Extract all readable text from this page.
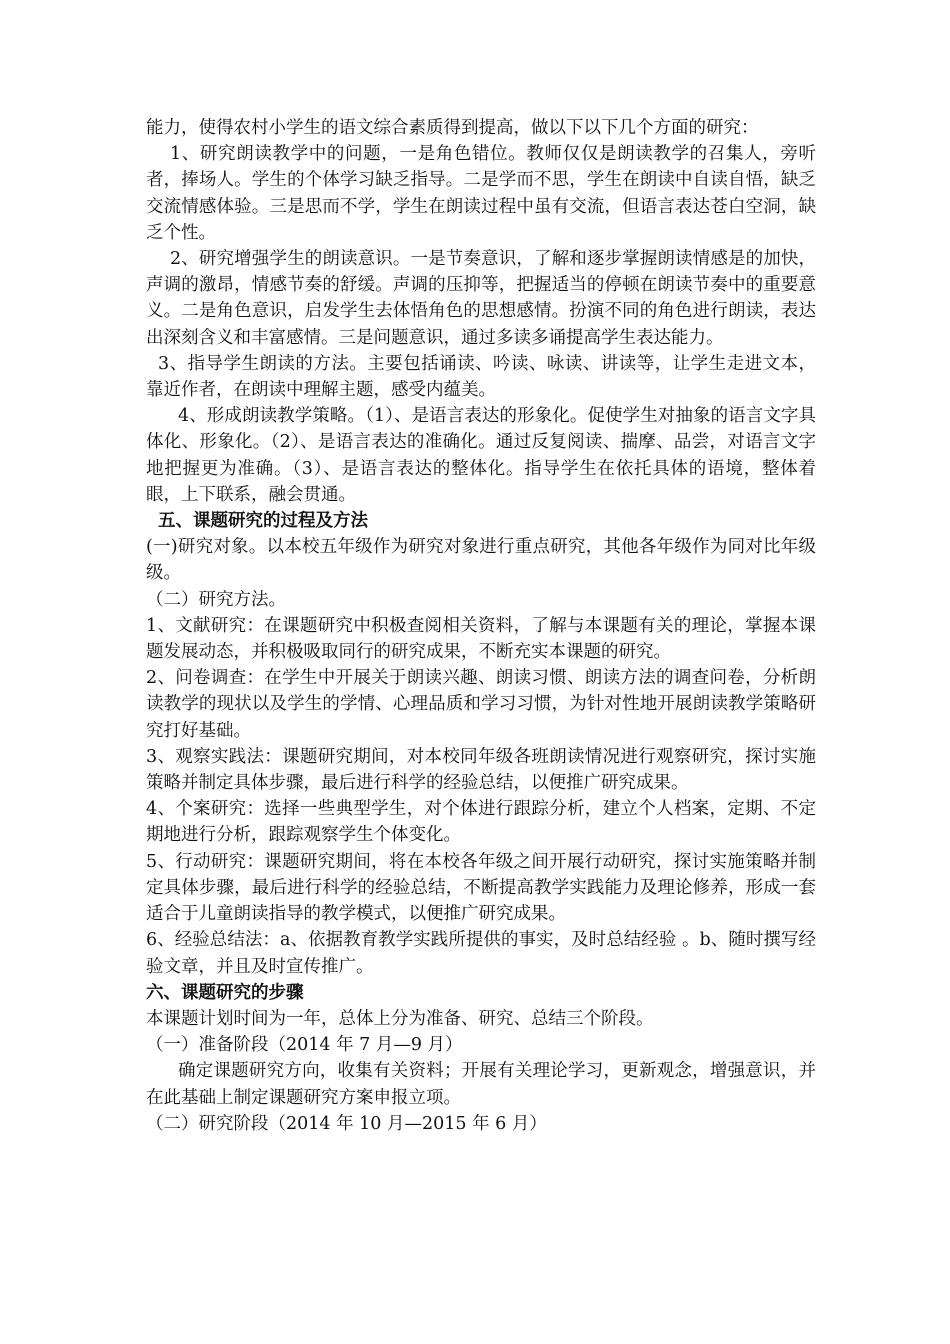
能力，使得农村小学生的语文综合素质得到提高，做以下以下几个方面的研究：

1、研究朗读教学中的问题，一是角色错位。教师仅仅是朗读教学的召集人，旁听者，捧场人。学生的个体学习缺乏指导。二是学而不思，学生在朗读中自读自悟，缺乏交流情感体验。三是思而不学，学生在朗读过程中虽有交流，但语言表达苍白空洞，缺乏个性。

2、研究增强学生的朗读意识。一是节奏意识，了解和逐步掌握朗读情感是的加快，声调的激昂，情感节奏的舒缓。声调的压抑等，把握适当的停顿在朗读节奏中的重要意义。二是角色意识，启发学生去体悟角色的思想感情。扮演不同的角色进行朗读，表达出深刻含义和丰富感情。三是问题意识，通过多读多诵提高学生表达能力。

3、指导学生朗读的方法。主要包括诵读、吟读、咏读、讲读等，让学生走进文本，靠近作者，在朗读中理解主题，感受内蕴美。

4、形成朗读教学策略。（1）、是语言表达的形象化。促使学生对抽象的语言文字具体化、形象化。（2）、是语言表达的准确化。通过反复阅读、揣摩、品尝，对语言文字地把握更为准确。（3）、是语言表达的整体化。指导学生在依托具体的语境，整体着眼，上下联系，融会贯通。

五、课题研究的过程及方法

(一)研究对象。以本校五年级作为研究对象进行重点研究，其他各年级作为同对比年级级。

（二）研究方法。

1、文献研究：在课题研究中积极查阅相关资料，了解与本课题有关的理论，掌握本课题发展动态，并积极吸取同行的研究成果，不断充实本课题的研究。

2、问卷调查：在学生中开展关于朗读兴趣、朗读习惯、朗读方法的调查问卷，分析朗读教学的现状以及学生的学情、心理品质和学习习惯，为针对性地开展朗读教学策略研究打好基础。

3、观察实践法：课题研究期间，对本校同年级各班朗读情况进行观察研究，探讨实施策略并制定具体步骤，最后进行科学的经验总结，以便推广研究成果。

4、个案研究：选择一些典型学生，对个体进行跟踪分析，建立个人档案，定期、不定期地进行分析，跟踪观察学生个体变化。

5、行动研究：课题研究期间，将在本校各年级之间开展行动研究，探讨实施策略并制定具体步骤，最后进行科学的经验总结，不断提高教学实践能力及理论修养，形成一套适合于儿童朗读指导的教学模式，以便推广研究成果。

6、经验总结法：a、依据教育教学实践所提供的事实，及时总结经验 。b、随时撰写经验文章，并且及时宣传推广。

六、课题研究的步骤

本课题计划时间为一年，总体上分为准备、研究、总结三个阶段。

（一）准备阶段（2014 年 7 月—9 月）

确定课题研究方向，收集有关资料；开展有关理论学习，更新观念，增强意识，并在此基础上制定课题研究方案申报立项。

（二）研究阶段（2014 年 10 月—2015 年 6 月）
